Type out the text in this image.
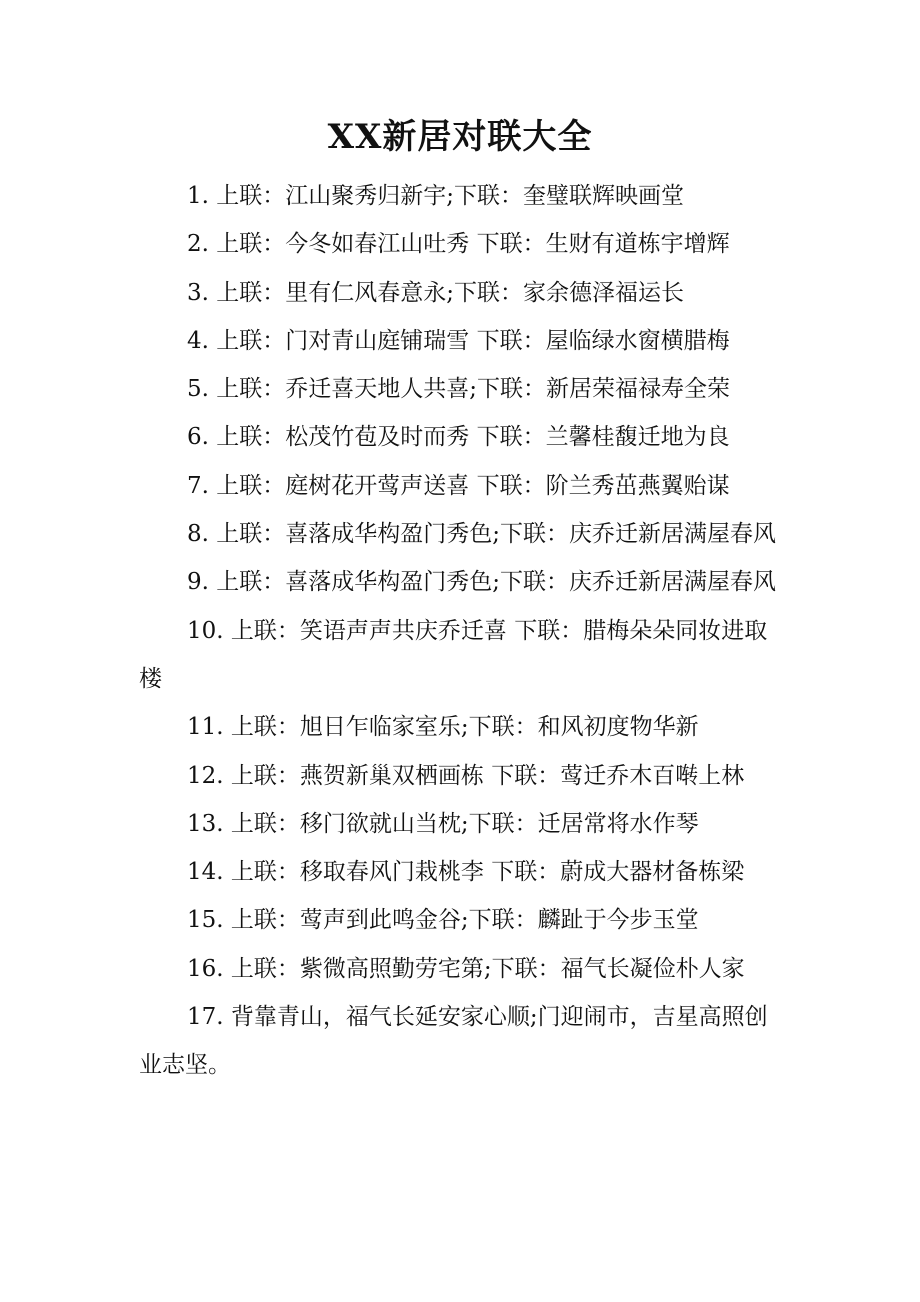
XX新居对联大全

1. 上联：江山聚秀归新宇;下联：奎璧联辉映画堂

2. 上联：今冬如春江山吐秀 下联：生财有道栋宇增辉

3. 上联：里有仁风春意永;下联：家余德泽福运长

4. 上联：门对青山庭铺瑞雪 下联：屋临绿水窗横腊梅

5. 上联：乔迁喜天地人共喜;下联：新居荣福禄寿全荣

6. 上联：松茂竹苞及时而秀 下联：兰馨桂馥迁地为良

7. 上联：庭树花开莺声送喜 下联：阶兰秀茁燕翼贻谋

8. 上联：喜落成华构盈门秀色;下联：庆乔迁新居满屋春风

9. 上联：喜落成华构盈门秀色;下联：庆乔迁新居满屋春风

10. 上联：笑语声声共庆乔迁喜 下联：腊梅朵朵同妆进取楼

11. 上联：旭日乍临家室乐;下联：和风初度物华新

12. 上联：燕贺新巢双栖画栋 下联：莺迁乔木百啭上林

13. 上联：移门欲就山当枕;下联：迁居常将水作琴

14. 上联：移取春风门栽桃李 下联：蔚成大器材备栋梁

15. 上联：莺声到此鸣金谷;下联：麟趾于今步玉堂

16. 上联：紫微高照勤劳宅第;下联：福气长凝俭朴人家

17. 背靠青山，福气长延安家心顺;门迎闹市，吉星高照创业志坚。
